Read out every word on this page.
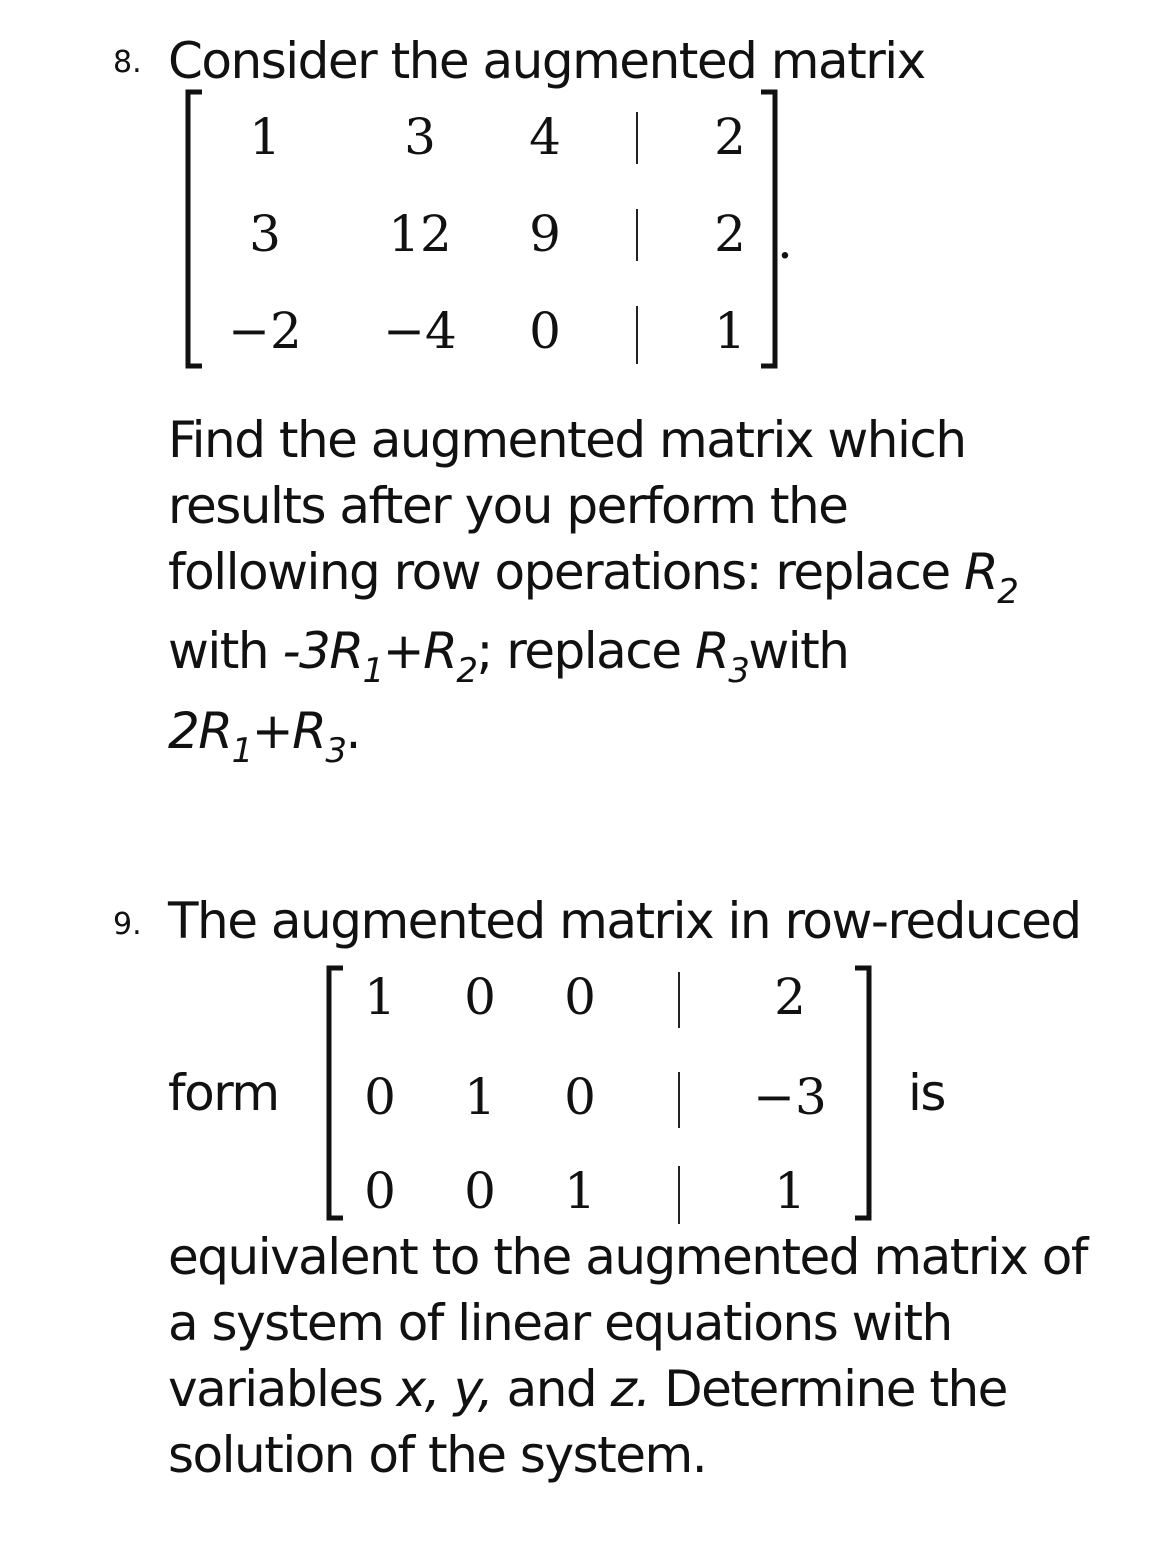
8. Consider the augmented matrix
1	3	4	2
3	12	9	2
−2 −4	0	1
.
Find the augmented matrix which
results after you perform the
following row operations: replace $R_2$
with $-3R_1+R_2$; replace $R_3with$
$2R_1+R_3$.
9. The augmented matrix in row-reduced
form
1	0	0	2
0	1	0	−3
0	0	1	1
is
equivalent to the augmented matrix of
a system of linear equations with
variables x, y, and z. Determine the
solution of the system.
